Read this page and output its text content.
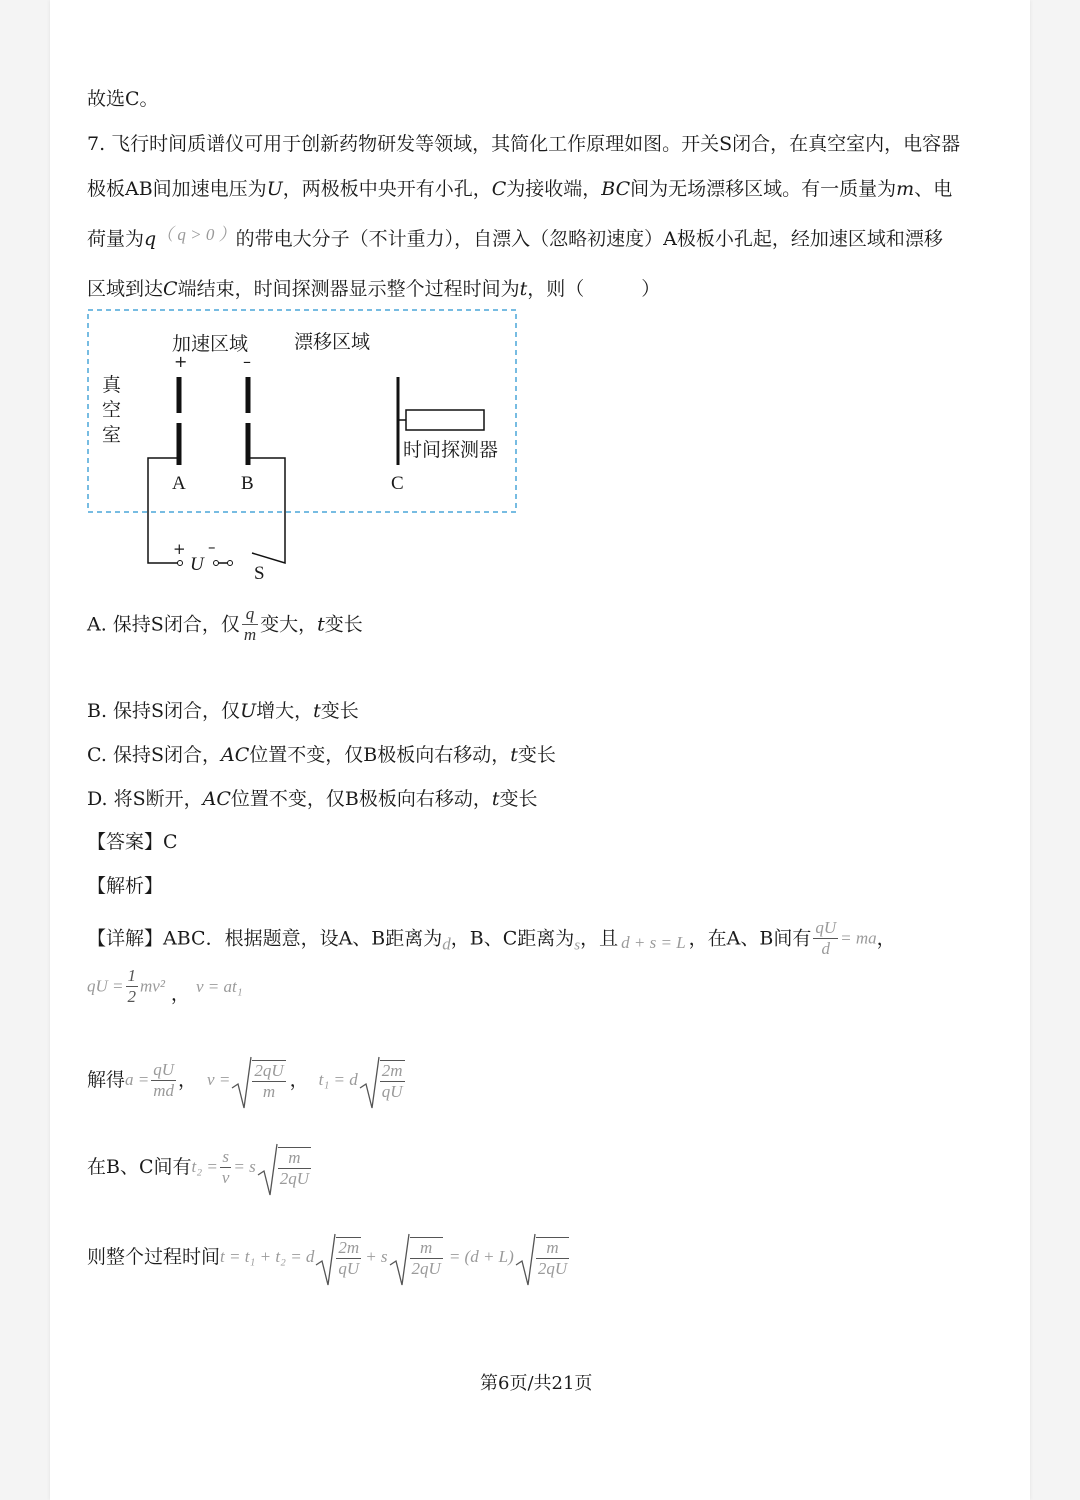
故选C。
7. 飞行时间质谱仪可用于创新药物研发等领域，其简化工作原理如图。开关S闭合，在真空室内，电容器
极板AB间加速电压为U，两极板中央开有小孔，C为接收端，BC间为无场漂移区域。有一质量为m、电
荷量为q（ q > 0 ）的带电大分子（不计重力），自漂入（忽略初速度）A极板小孔起，经加速区域和漂移
区域到达C端结束，时间探测器显示整个过程时间为t，则（　　　）
加速区域 漂移区域
真
空
室
+	–
A	B	C
时间探测器
+ –
U	S
A. 保持S闭合，仅 $\frac{q}{m}$ 变大，t变长
B. 保持S闭合，仅U增大，t变长
C. 保持S闭合，AC位置不变，仅B极板向右移动，t变长
D. 将S断开，AC位置不变，仅B极板向右移动，t变长
【答案】C
【解析】
【详解】ABC．根据题意，设A、B距离为d，B、C距离为$_s$，且 d + s = L ，在A、B间有 $\frac{qU}{d}$ = ma，
qU = $\frac{1}{2} mv^2$ ， v = at₁
解得$a = \frac{qU}{md}$ ， $v = \frac{2qU}{m}$ ， t₁ = d $\frac{2m}{qU}$
在B、C间有$t_2 = \frac{s}{v} = s \frac{m}{2qU}$
则整个过程时间t = t₁ + t₂ = d $\frac{2m}{qU} + s \frac{m}{2qU} = (d + L) \frac{m}{2qU}$
第6页/共21页
